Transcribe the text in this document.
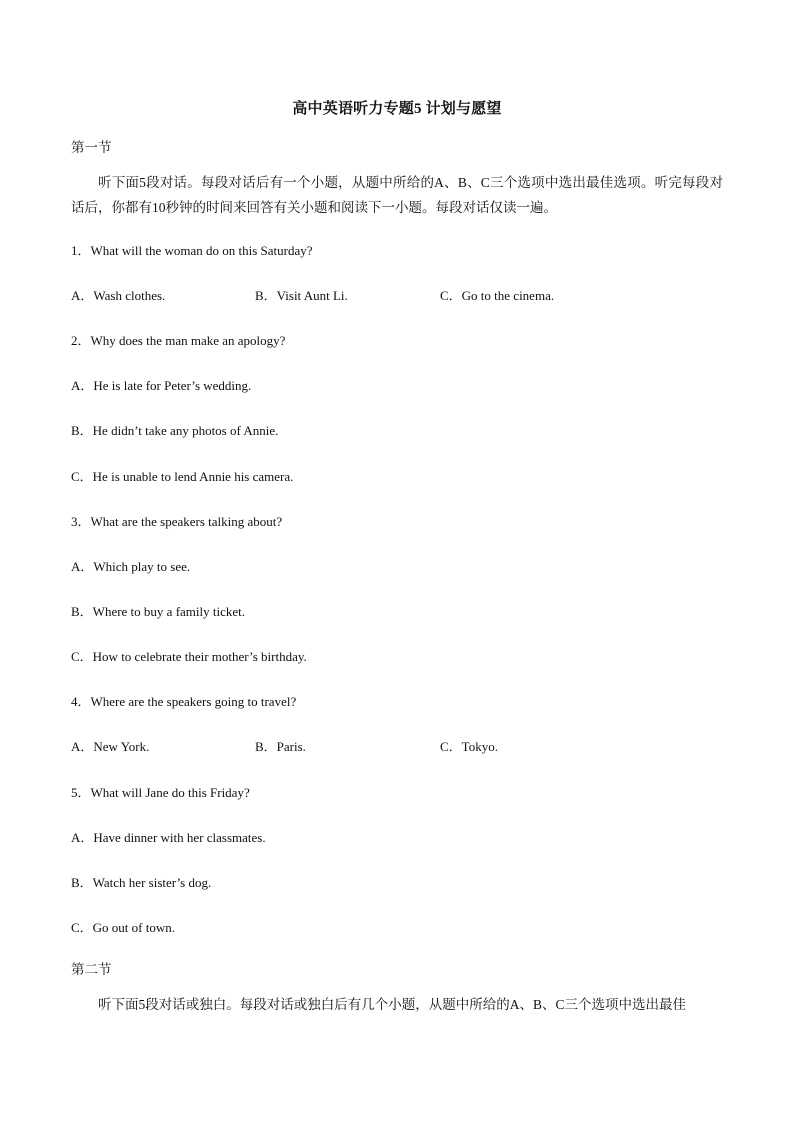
高中英语听力专题5 计划与愿望
第一节
听下面5段对话。每段对话后有一个小题，从题中所给的A、B、C三个选项中选出最佳选项。听完每段对话后，你都有10秒钟的时间来回答有关小题和阅读下一小题。每段对话仅读一遍。
1．What will the woman do on this Saturday?
A．Wash clothes.	B．Visit Aunt Li.	C．Go to the cinema.
2．Why does the man make an apology?
A．He is late for Peter’s wedding.
B．He didn’t take any photos of Annie.
C．He is unable to lend Annie his camera.
3．What are the speakers talking about?
A．Which play to see.
B．Where to buy a family ticket.
C．How to celebrate their mother’s birthday.
4．Where are the speakers going to travel?
A．New York.	B．Paris.	C．Tokyo.
5．What will Jane do this Friday?
A．Have dinner with her classmates.
B．Watch her sister’s dog.
C．Go out of town.
第二节
听下面5段对话或独白。每段对话或独白后有几个小题，从题中所给的A、B、C三个选项中选出最佳
